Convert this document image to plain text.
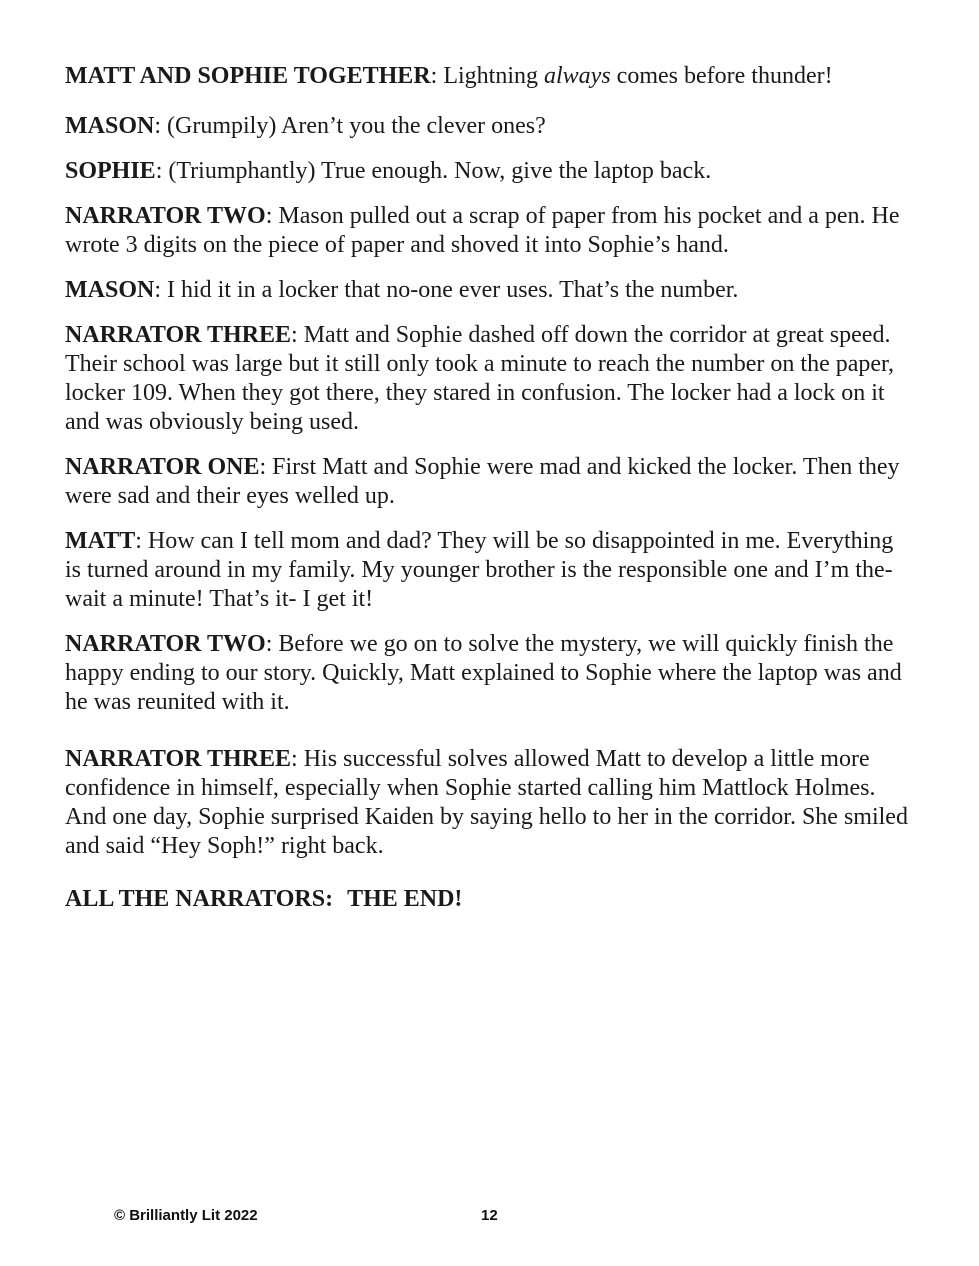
MATT AND SOPHIE TOGETHER: Lightning always comes before thunder!

MASON: (Grumpily) Aren’t you the clever ones?

SOPHIE: (Triumphantly) True enough. Now, give the laptop back.

NARRATOR TWO: Mason pulled out a scrap of paper from his pocket and a pen. He wrote 3 digits on the piece of paper and shoved it into Sophie’s hand.

MASON: I hid it in a locker that no-one ever uses. That’s the number.

NARRATOR THREE: Matt and Sophie dashed off down the corridor at great speed. Their school was large but it still only took a minute to reach the number on the paper, locker 109. When they got there, they stared in confusion. The locker had a lock on it and was obviously being used.

NARRATOR ONE: First Matt and Sophie were mad and kicked the locker. Then they were sad and their eyes welled up.

MATT: How can I tell mom and dad? They will be so disappointed in me. Everything is turned around in my family. My younger brother is the responsible one and I’m the- wait a minute! That’s it- I get it!

NARRATOR TWO: Before we go on to solve the mystery, we will quickly finish the happy ending to our story. Quickly, Matt explained to Sophie where the laptop was and he was reunited with it.

NARRATOR THREE: His successful solves allowed Matt to develop a little more confidence in himself, especially when Sophie started calling him Mattlock Holmes. And one day, Sophie surprised Kaiden by saying hello to her in the corridor. She smiled and said “Hey Soph!” right back.

ALL THE NARRATORS: THE END!

© Brilliantly Lit 2022	12
